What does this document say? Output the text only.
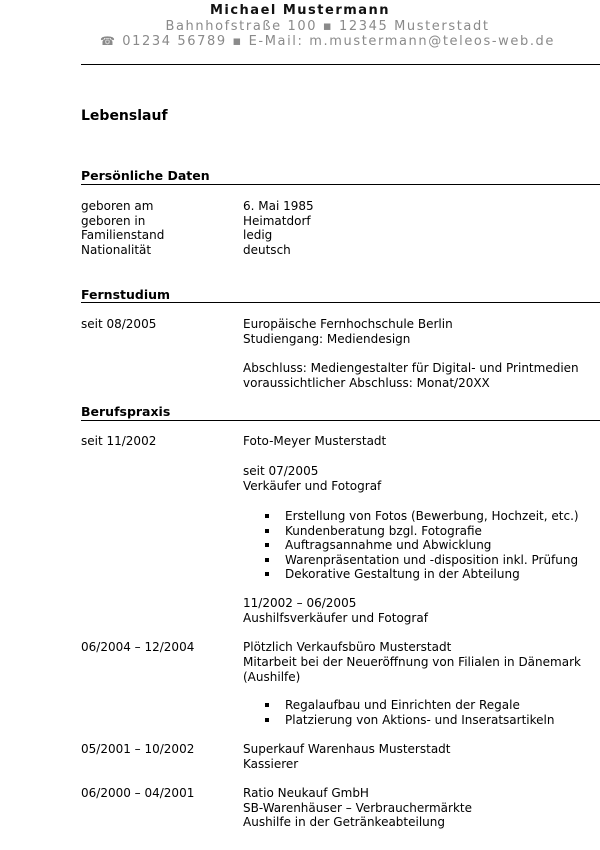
Michael Mustermann
Bahnhofstraße 100 ▪ 12345 Musterstadt
☎ 01234 56789 ▪ E-Mail: m.mustermann@teleos-web.de
Lebenslauf
Persönliche Daten
geboren am	6. Mai 1985
geboren in	Heimatdorf
Familienstand	ledig
Nationalität	deutsch
Fernstudium
seit 08/2005	Europäische Fernhochschule Berlin
Studiengang: Mediendesign
Abschluss: Mediengestalter für Digital- und Printmedien
voraussichtlicher Abschluss: Monat/20XX
Berufspraxis
seit 11/2002	Foto-Meyer Musterstadt
seit 07/2005
Verkäufer und Fotograf
Erstellung von Fotos (Bewerbung, Hochzeit, etc.)
Kundenberatung bzgl. Fotografie
Auftragsannahme und Abwicklung
Warenpräsentation und -disposition inkl. Prüfung
Dekorative Gestaltung in der Abteilung
11/2002 – 06/2005
Aushilfsverkäufer und Fotograf
06/2004 – 12/2004	Plötzlich Verkaufsbüro Musterstadt
Mitarbeit bei der Neueröffnung von Filialen in Dänemark
(Aushilfe)
Regalaufbau und Einrichten der Regale
Platzierung von Aktions- und Inseratsartikeln
05/2001 – 10/2002	Superkauf Warenhaus Musterstadt
Kassierer
06/2000 – 04/2001	Ratio Neukauf GmbH
SB-Warenhäuser – Verbrauchermärkte
Aushilfe in der Getränkeabteilung
